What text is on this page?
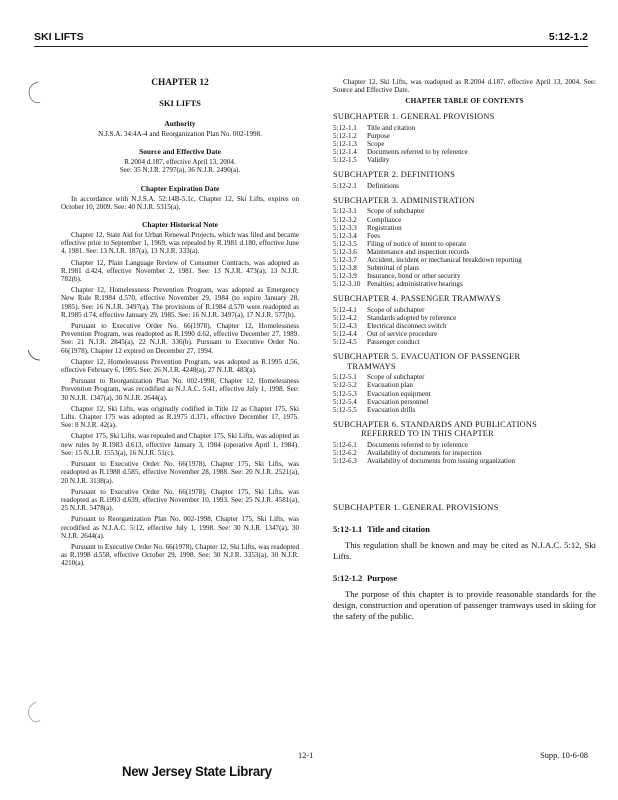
SKI LIFTS	5:12-1.2
CHAPTER 12
SKI LIFTS
Authority
N.J.S.A. 34:4A-4 and Reorganization Plan No. 002-1998.
Source and Effective Date
R.2004 d.187, effective April 13, 2004.
See: 35 N.J.R. 2797(a), 36 N.J.R. 2490(a).
Chapter Expiration Date

In accordance with N.J.S.A. 52:14B-5.1c, Chapter 12, Ski Lifts, expires on October 10, 2009. See: 40 N.J.R. 5315(a).

Chapter Historical Note

Chapter 12, State Aid for Urban Renewal Projects, which was filed and became effective prior to September 1, 1969, was repealed by R.1981 d.180, effective June 4, 1981. See: 13 N.J.R. 187(a), 13 N.J.R. 333(a).

Chapter 12, Plain Language Review of Consumer Contracts, was adopted as R.1981 d.424, effective November 2, 1981. See: 13 N.J.R. 473(a), 13 N.J.R. 782(b).

Chapter 12, Homelessness Prevention Program, was adopted as Emergency New Rule R.1984 d.570, effective November 29, 1984 (to expire January 28, 1985). See: 16 N.J.R. 3497(a). The provisions of R.1984 d.570 were readopted as R.1985 d.74, effective January 29, 1985. See: 16 N.J.R. 3497(a), 17 N.J.R. 577(b).

Pursuant to Executive Order No. 66(1978), Chapter 12, Homelessness Prevention Program, was readopted as R.1990 d.62, effective December 27, 1989. See: 21 N.J.R. 2845(a), 22 N.J.R. 336(b). Pursuant to Executive Order No. 66(1978), Chapter 12 expired on December 27, 1994.

Chapter 12, Homelessness Prevention Program, was adopted as R.1995 d.56, effective February 6, 1995. See: 26 N.J.R. 4248(a), 27 N.J.R. 483(a).

Pursuant to Reorganization Plan No. 002-1998, Chapter 12, Homelessness Prevention Program, was recodified as N.J.A.C. 5:41, effective July 1, 1998. See: 30 N.J.R. 1347(a), 30 N.J.R. 2644(a).

Chapter 12, Ski Lifts, was originally codified in Title 12 as Chapter 175, Ski Lifts. Chapter 175 was adopted as R.1975 d.371, effective December 17, 1975. See: 8 N.J.R. 42(a).

Chapter 175, Ski Lifts, was repealed and Chapter 175, Ski Lifts, was adopted as new rules by R.1983 d.613, effective January 3, 1984 (operative April 1, 1984). See: 15 N.J.R. 1553(a), 16 N.J.R. 51(c).

Pursuant to Executive Order No. 66(1978), Chapter 175, Ski Lifts, was readopted as R.1988 d.585, effective November 28, 1988. See: 20 N.J.R. 2521(a), 20 N.J.R. 3138(a).

Pursuant to Executive Order No. 66(1978), Chapter 175, Ski Lifts, was readopted as R.1993 d.639, effective November 10, 1993. See: 25 N.J.R. 4581(a), 25 N.J.R. 5478(a).

Pursuant to Reorganization Plan No. 002-1998, Chapter 175, Ski Lifts, was recodified as N.J.A.C. 5:12, effective July 1, 1998. See: 30 N.J.R. 1347(a), 30 N.J.R. 2644(a).

Pursuant to Executive Order No. 66(1978), Chapter 12, Ski Lifts, was readopted as R.1998 d.558, effective October 29, 1998. See: 30 N.J.R. 3353(a), 30 N.J.R. 4210(a).

Chapter 12, Ski Lifts, was readopted as R.2004 d.187, effective April 13, 2004. See: Source and Effective Date.

CHAPTER TABLE OF CONTENTS
SUBCHAPTER 1. GENERAL PROVISIONS
5:12-1.1	Title and citation
5:12-1.2	Purpose
5:12-1.3	Scope
5:12-1.4	Documents referred to by reference
5:12-1.5	Validity
SUBCHAPTER 2. DEFINITIONS
5:12-2.1	Definitions
SUBCHAPTER 3. ADMINISTRATION
5:12-3.1	Scope of subchapter
5:12-3.2	Compliance
5:12-3.3	Registration
5:12-3.4	Fees
5:12-3.5	Filing of notice of intent to operate
5:12-3.6	Maintenance and inspection records
5:12-3.7	Accident, incident or mechanical breakdown reporting
5:12-3.8	Submittal of plans
5:12-3.9	Insurance, bond or other security
5:12-3.10 Penalties; administrative hearings
SUBCHAPTER 4. PASSENGER TRAMWAYS
5:12-4.1	Scope of subchapter
5:12-4.2	Standards adopted by reference
5:12-4.3	Electrical disconnect switch
5:12-4.4	Out of service procedure
5:12-4.5	Passenger conduct
SUBCHAPTER 5. EVACUATION OF PASSENGER
TRAMWAYS
5:12-5.1	Scope of subchapter
5:12-5.2	Evacuation plan
5:12-5.3	Evacuation equipment
5:12-5.4	Evacuation personnel
5:12-5.5	Evacuation drills
SUBCHAPTER 6. STANDARDS AND PUBLICATIONS
REFERRED TO IN THIS CHAPTER
5:12-6.1	Documents referred to by reference
5:12-6.2	Availability of documents for inspection
5:12-6.3	Availability of documents from issuing organization
SUBCHAPTER 1. GENERAL PROVISIONS
5:12-1.1 Title and citation

This regulation shall be known and may be cited as N.J.A.C. 5:12, Ski Lifts.

5:12-1.2 Purpose

The purpose of this chapter is to provide reasonable standards for the design, construction and operation of passenger tramways used in skiing for the safety of the public.

12-1	Supp. 10-6-08
New Jersey State Library
